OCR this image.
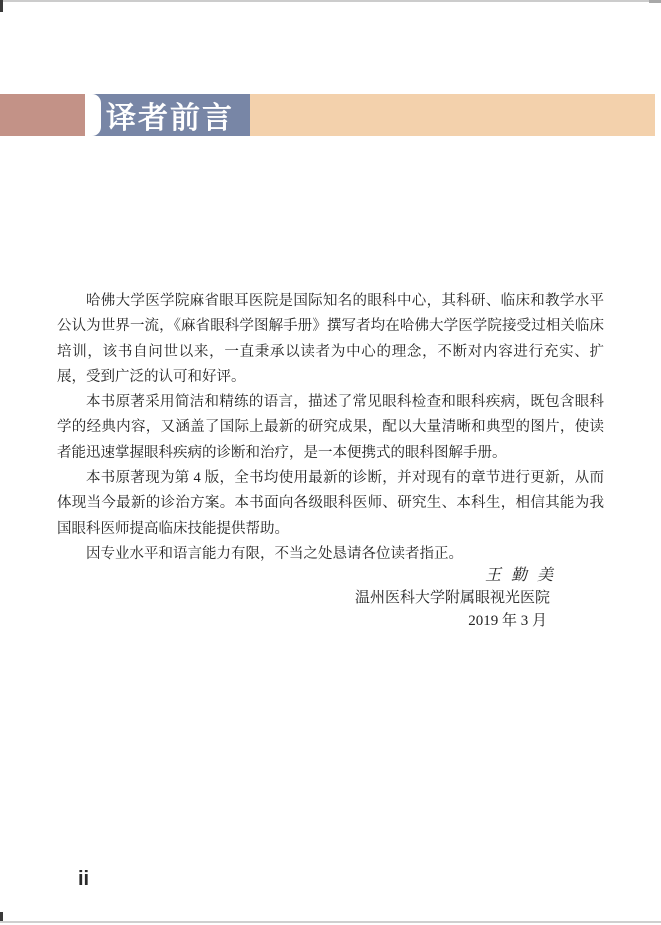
译者前言

哈佛大学医学院麻省眼耳医院是国际知名的眼科中心，其科研、临床和教学水平公认为世界一流，《麻省眼科学图解手册》撰写者均在哈佛大学医学院接受过相关临床培训，该书自问世以来，一直秉承以读者为中心的理念，不断对内容进行充实、扩展，受到广泛的认可和好评。

本书原著采用简洁和精练的语言，描述了常见眼科检查和眼科疾病，既包含眼科学的经典内容，又涵盖了国际上最新的研究成果，配以大量清晰和典型的图片，使读者能迅速掌握眼科疾病的诊断和治疗，是一本便携式的眼科图解手册。

本书原著现为第 4 版，全书均使用最新的诊断，并对现有的章节进行更新，从而体现当今最新的诊治方案。本书面向各级眼科医师、研究生、本科生，相信其能为我国眼科医师提高临床技能提供帮助。

因专业水平和语言能力有限，不当之处恳请各位读者指正。

王 勤 美
温州医科大学附属眼视光医院
2019 年 3 月
ii
